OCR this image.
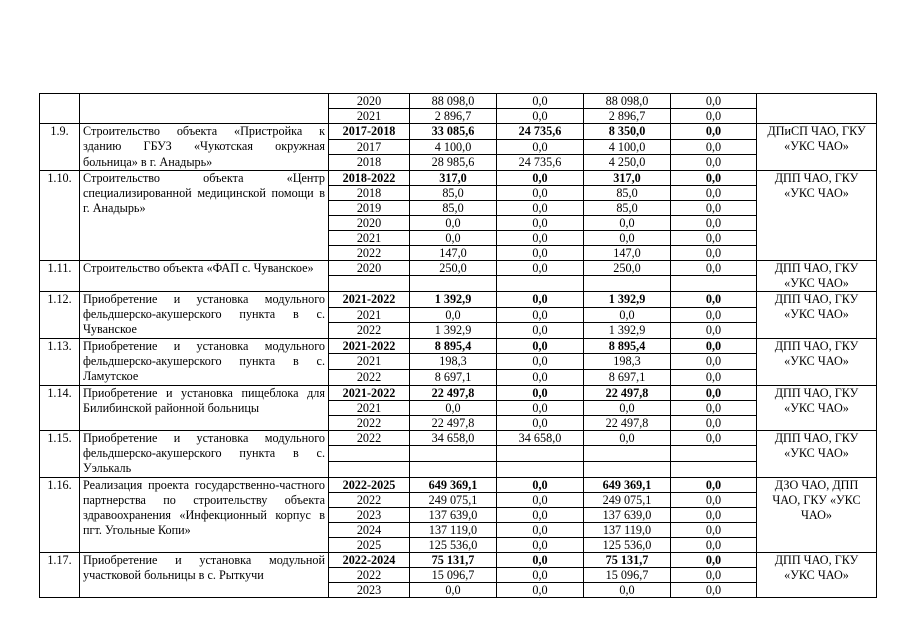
		2020	88 098,0	0,0	88 098,0	0,0	
		2021	2 896,7	0,0	2 896,7	0,0	
1.9.	Строительство объекта «Пристройка к зданию ГБУЗ «Чукотская окружная больница» в г. Анадырь»	2017-2018	33 085,6	24 735,6	8 350,0	0,0	ДПиСП ЧАО, ГКУ «УКС ЧАО»
		2017	4 100,0	0,0	4 100,0	0,0	
		2018	28 985,6	24 735,6	4 250,0	0,0	
1.10.	Строительство объекта «Центр специализированной медицинской помощи в г. Анадырь»	2018-2022	317,0	0,0	317,0	0,0	ДПП ЧАО, ГКУ «УКС ЧАО»
		2018	85,0	0,0	85,0	0,0	
		2019	85,0	0,0	85,0	0,0	
		2020	0,0	0,0	0,0	0,0	
		2021	0,0	0,0	0,0	0,0	
		2022	147,0	0,0	147,0	0,0	
1.11.	Строительство объекта «ФАП с. Чуванское»	2020	250,0	0,0	250,0	0,0	ДПП ЧАО, ГКУ «УКС ЧАО»

1.12.	Приобретение и установка модульного фельдшерско-акушерского пункта в с. Чуванское	2021-2022	1 392,9	0,0	1 392,9	0,0	ДПП ЧАО, ГКУ «УКС ЧАО»
		2021	0,0	0,0	0,0	0,0	
		2022	1 392,9	0,0	1 392,9	0,0	
1.13.	Приобретение и установка модульного фельдшерско-акушерского пункта в с. Ламутское	2021-2022	8 895,4	0,0	8 895,4	0,0	ДПП ЧАО, ГКУ «УКС ЧАО»
		2021	198,3	0,0	198,3	0,0	
		2022	8 697,1	0,0	8 697,1	0,0	
1.14.	Приобретение и установка пищеблока для Билибинской районной больницы	2021-2022	22 497,8	0,0	22 497,8	0,0	ДПП ЧАО, ГКУ «УКС ЧАО»
		2021	0,0	0,0	0,0	0,0	
		2022	22 497,8	0,0	22 497,8	0,0	
1.15.	Приобретение и установка модульного фельдшерско-акушерского пункта в с. Уэлькаль	2022	34 658,0	34 658,0	0,0	0,0	ДПП ЧАО, ГКУ «УКС ЧАО»

1.16.	Реализация проекта государственно-частного партнерства по строительству объекта здравоохранения «Инфекционный корпус в пгт. Угольные Копи»	2022-2025	649 369,1	0,0	649 369,1	0,0	ДЗО ЧАО, ДПП ЧАО, ГКУ «УКС ЧАО»
		2022	249 075,1	0,0	249 075,1	0,0	
		2023	137 639,0	0,0	137 639,0	0,0	
		2024	137 119,0	0,0	137 119,0	0,0	
		2025	125 536,0	0,0	125 536,0	0,0	
1.17.	Приобретение и установка модульной участковой больницы в с. Рыткучи	2022-2024	75 131,7	0,0	75 131,7	0,0	ДПП ЧАО, ГКУ «УКС ЧАО»
		2022	15 096,7	0,0	15 096,7	0,0	
		2023	0,0	0,0	0,0	0,0	
